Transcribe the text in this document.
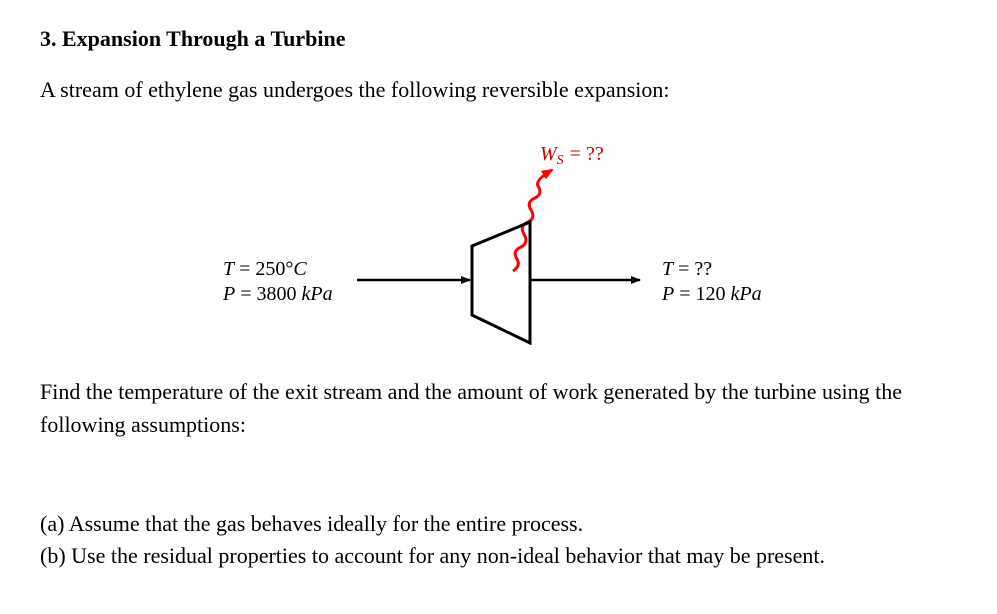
3. Expansion Through a Turbine
A stream of ethylene gas undergoes the following reversible expansion:
$W_S$ = ??
T = 250°C
P = 3800 kPa
T = ??
P = 120 kPa
Find the temperature of the exit stream and the amount of work generated by the turbine using the following assumptions:
(a) Assume that the gas behaves ideally for the entire process.
(b) Use the residual properties to account for any non-ideal behavior that may be present.
